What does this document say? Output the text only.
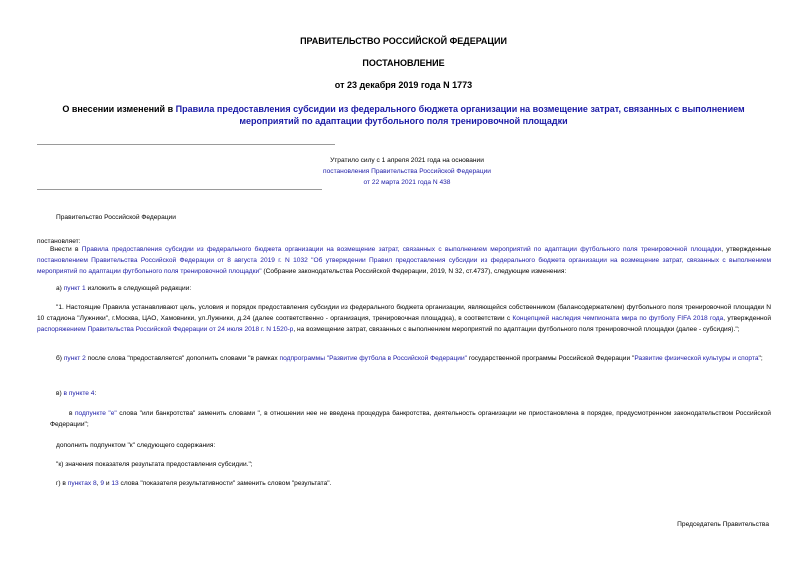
ПРАВИТЕЛЬСТВО РОССИЙСКОЙ ФЕДЕРАЦИИ
ПОСТАНОВЛЕНИЕ
от 23 декабря 2019 года N 1773
О внесении изменений в Правила предоставления субсидии из федерального бюджета организации на возмещение затрат, связанных с выполнением мероприятий по адаптации футбольного поля тренировочной площадки
Утратило силу с 1 апреля 2021 года на основании
постановления Правительства Российской Федерации
от 22 марта 2021 года N 438
Правительство Российской Федерации
постановляет:
Внести в Правила предоставления субсидии из федерального бюджета организации на возмещение затрат, связанных с выполнением мероприятий по адаптации футбольного поля тренировочной площадки, утвержденные постановлением Правительства Российской Федерации от 8 августа 2019 г. N 1032 "Об утверждении Правил предоставления субсидии из федерального бюджета организации на возмещение затрат, связанных с выполнением мероприятий по адаптации футбольного поля тренировочной площадки" (Собрание законодательства Российской Федерации, 2019, N 32, ст.4737), следующие изменения:
а) пункт 1 изложить в следующей редакции:
"1. Настоящие Правила устанавливают цель, условия и порядок предоставления субсидии из федерального бюджета организации, являющейся собственником (балансодержателем) футбольного поля тренировочной площадки N 10 стадиона "Лужники", г.Москва, ЦАО, Хамовники, ул.Лужники, д.24 (далее соответственно - организация, тренировочная площадка), в соответствии с Концепцией наследия чемпионата мира по футболу FIFA 2018 года, утвержденной распоряжением Правительства Российской Федерации от 24 июля 2018 г. N 1520-р, на возмещение затрат, связанных с выполнением мероприятий по адаптации футбольного поля тренировочной площадки (далее - субсидия).";
б) пункт 2 после слова "предоставляется" дополнить словами "в рамках подпрограммы "Развитие футбола в Российской Федерации" государственной программы Российской Федерации "Развитие физической культуры и спорта";
в) в пункте 4:
в подпункте "е" слова "или банкротства" заменить словами ", в отношении нее не введена процедура банкротства, деятельность организации не приостановлена в порядке, предусмотренном законодательством Российской Федерации";
дополнить подпунктом "к" следующего содержания:
"к) значения показателя результата предоставления субсидии.";
г) в пунктах 8, 9 и 13 слова "показателя результативности" заменить словом "результата".
Председатель Правительства
